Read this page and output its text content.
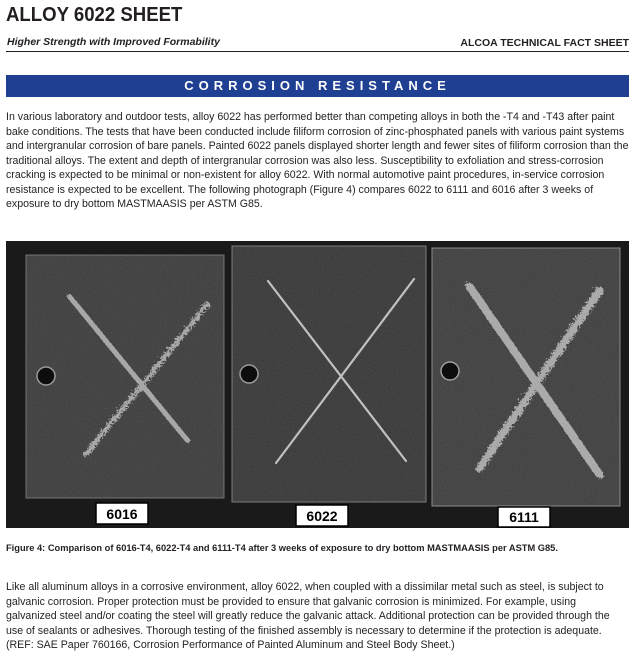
ALLOY 6022 SHEET
Higher Strength with Improved Formability	ALCOA TECHNICAL FACT SHEET
CORROSION RESISTANCE

In various laboratory and outdoor tests, alloy 6022 has performed better than competing alloys in both the -T4 and -T43 after paint bake conditions. The tests that have been conducted include filiform corrosion of zinc-phosphated panels with various paint systems and intergranular corrosion of bare panels. Painted 6022 panels displayed shorter length and fewer sites of filiform corrosion than the traditional alloys. The extent and depth of intergranular corrosion was also less. Susceptibility to exfoliation and stress-corrosion cracking is expected to be minimal or non-existent for alloy 6022. With normal automotive paint procedures, in-service corrosion resistance is expected to be excellent. The following photograph (Figure 4) compares 6022 to 6111 and 6016 after 3 weeks of exposure to dry bottom MASTMAASIS per ASTM G85.

6016	6022	6111
Figure 4: Comparison of 6016-T4, 6022-T4 and 6111-T4 after 3 weeks of exposure to dry bottom MASTMAASIS per ASTM G85.

Like all aluminum alloys in a corrosive environment, alloy 6022, when coupled with a dissimilar metal such as steel, is subject to galvanic corrosion. Proper protection must be provided to ensure that galvanic corrosion is minimized. For example, using galvanized steel and/or coating the steel will greatly reduce the galvanic attack. Additional protection can be provided through the use of sealants or adhesives. Thorough testing of the finished assembly is necessary to determine if the protection is adequate. (REF: SAE Paper 760166, Corrosion Performance of Painted Aluminum and Steel Body Sheet.)
